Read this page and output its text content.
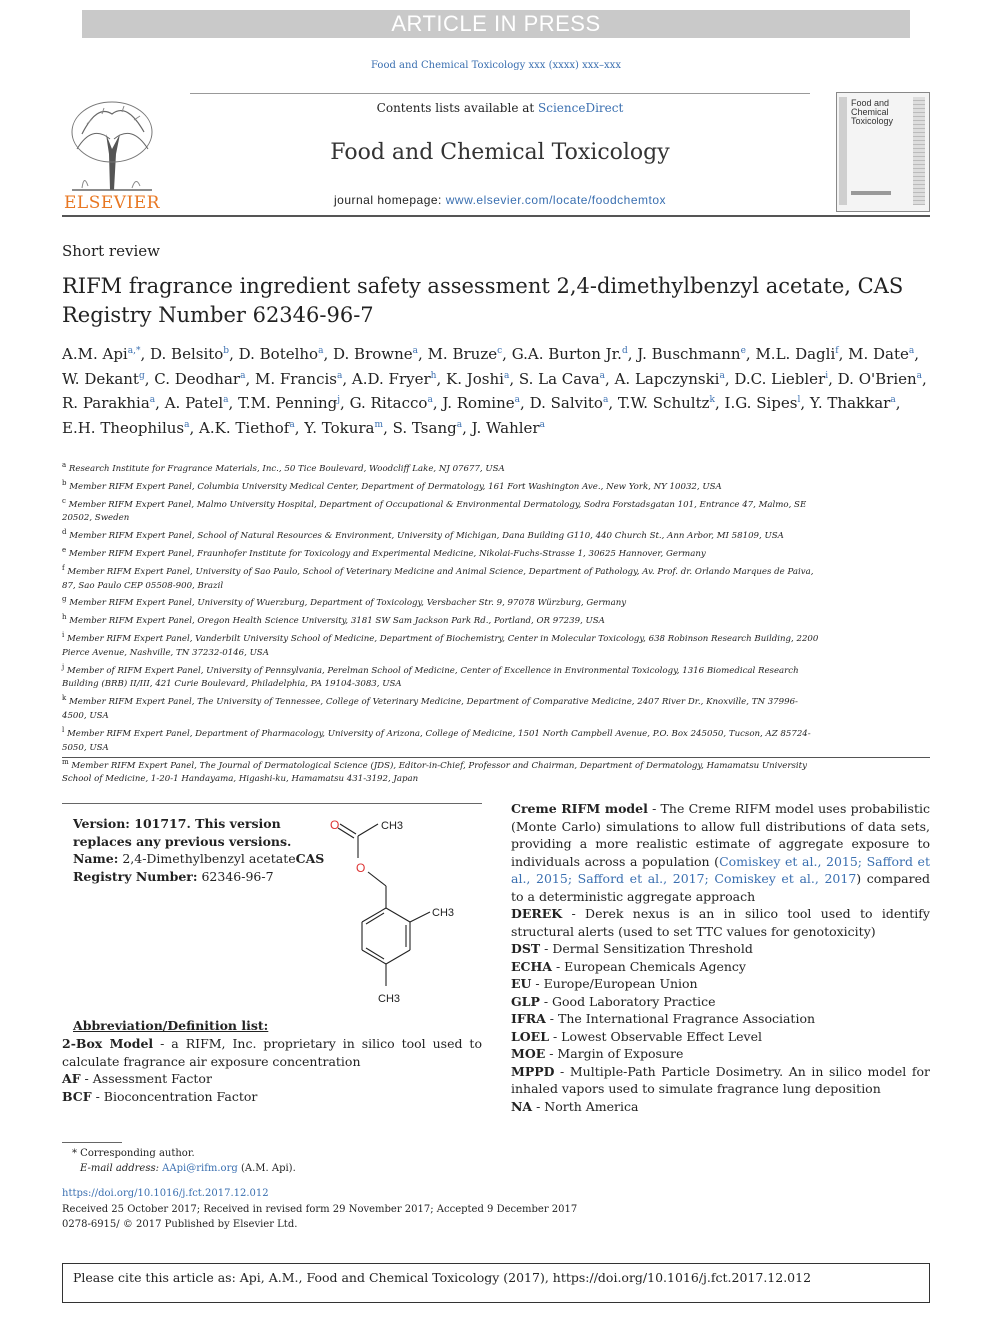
ARTICLE IN PRESS
Food and Chemical Toxicology xxx (xxxx) xxx–xxx
ELSEVIER
Contents lists available at ScienceDirect
Food and Chemical Toxicology
journal homepage: www.elsevier.com/locate/foodchemtox
Food and Chemical Toxicology
Short review
RIFM fragrance ingredient safety assessment 2,4-dimethylbenzyl acetate, CAS Registry Number 62346-96-7
A.M. Api$^{a,*}$, D. Belsito$^b$, D. Botelho$^a$, D. Browne$^a$, M. Bruze$^c$, G.A. Burton Jr.$^d$, J. Buschmann$^e$, M.L. Dagli$^f$, M. Date$^a$, W. Dekant$^g$, C. Deodhar$^a$, M. Francis$^a$, A.D. Fryer$^h$, K. Joshi$^a$, S. La Cava$^a$, A. Lapczynski$^a$, D.C. Liebler$^i$, D. O'Brien$^a$, R. Parakhia$^a$, A. Patel$^a$, T.M. Penning$^j$, G. Ritacco$^a$, J. Romine$^a$, D. Salvito$^a$, T.W. Schultz$^k$, I.G. Sipes$^l$, Y. Thakkar$^a$, E.H. Theophilus$^a$, A.K. Tiethof$^a$, Y. Tokura$^m$, S. Tsang$^a$, J. Wahler$^a$

$^a$ Research Institute for Fragrance Materials, Inc., 50 Tice Boulevard, Woodcliff Lake, NJ 07677, USA

$^b$ Member RIFM Expert Panel, Columbia University Medical Center, Department of Dermatology, 161 Fort Washington Ave., New York, NY 10032, USA

$^c$ Member RIFM Expert Panel, Malmo University Hospital, Department of Occupational & Environmental Dermatology, Sodra Forstadsgatan 101, Entrance 47, Malmo, SE 20502, Sweden

$^d$ Member RIFM Expert Panel, School of Natural Resources & Environment, University of Michigan, Dana Building G110, 440 Church St., Ann Arbor, MI 58109, USA

$^e$ Member RIFM Expert Panel, Fraunhofer Institute for Toxicology and Experimental Medicine, Nikolai-Fuchs-Strasse 1, 30625 Hannover, Germany

$^f$ Member RIFM Expert Panel, University of Sao Paulo, School of Veterinary Medicine and Animal Science, Department of Pathology, Av. Prof. dr. Orlando Marques de Paiva, 87, Sao Paulo CEP 05508-900, Brazil

$^g$ Member RIFM Expert Panel, University of Wuerzburg, Department of Toxicology, Versbacher Str. 9, 97078 Würzburg, Germany

$^h$ Member RIFM Expert Panel, Oregon Health Science University, 3181 SW Sam Jackson Park Rd., Portland, OR 97239, USA

$^i$ Member RIFM Expert Panel, Vanderbilt University School of Medicine, Department of Biochemistry, Center in Molecular Toxicology, 638 Robinson Research Building, 2200 Pierce Avenue, Nashville, TN 37232-0146, USA

$^j$ Member of RIFM Expert Panel, University of Pennsylvania, Perelman School of Medicine, Center of Excellence in Environmental Toxicology, 1316 Biomedical Research Building (BRB) II/III, 421 Curie Boulevard, Philadelphia, PA 19104-3083, USA

$^k$ Member RIFM Expert Panel, The University of Tennessee, College of Veterinary Medicine, Department of Comparative Medicine, 2407 River Dr., Knoxville, TN 37996-4500, USA

$^l$ Member RIFM Expert Panel, Department of Pharmacology, University of Arizona, College of Medicine, 1501 North Campbell Avenue, P.O. Box 245050, Tucson, AZ 85724-5050, USA

$^m$ Member RIFM Expert Panel, The Journal of Dermatological Science (JDS), Editor-in-Chief, Professor and Chairman, Department of Dermatology, Hamamatsu University School of Medicine, 1-20-1 Handayama, Higashi-ku, Hamamatsu 431-3192, Japan

Version: 101717. This version replaces any previous versions.
Name: 2,4-Dimethylbenzyl acetateCAS Registry Number: 62346-96-7
O	CH3
O
CH3
CH3
Abbreviation/Definition list:

2-Box Model - a RIFM, Inc. proprietary in silico tool used to calculate fragrance air exposure concentration

AF - Assessment Factor

BCF - Bioconcentration Factor

Creme RIFM model - The Creme RIFM model uses probabilistic (Monte Carlo) simulations to allow full distributions of data sets, providing a more realistic estimate of aggregate exposure to individuals across a population (Comiskey et al., 2015; Safford et al., 2015; Safford et al., 2017; Comiskey et al., 2017) compared to a deterministic aggregate approach

DEREK - Derek nexus is an in silico tool used to identify structural alerts (used to set TTC values for genotoxicity)

DST - Dermal Sensitization Threshold

ECHA - European Chemicals Agency

EU - Europe/European Union

GLP - Good Laboratory Practice

IFRA - The International Fragrance Association

LOEL - Lowest Observable Effect Level

MOE - Margin of Exposure

MPPD - Multiple-Path Particle Dosimetry. An in silico model for inhaled vapors used to simulate fragrance lung deposition

NA - North America

* Corresponding author.
E-mail address: AApi@rifm.org (A.M. Api).
https://doi.org/10.1016/j.fct.2017.12.012
Received 25 October 2017; Received in revised form 29 November 2017; Accepted 9 December 2017
0278-6915/ © 2017 Published by Elsevier Ltd.
Please cite this article as: Api, A.M., Food and Chemical Toxicology (2017), https://doi.org/10.1016/j.fct.2017.12.012
